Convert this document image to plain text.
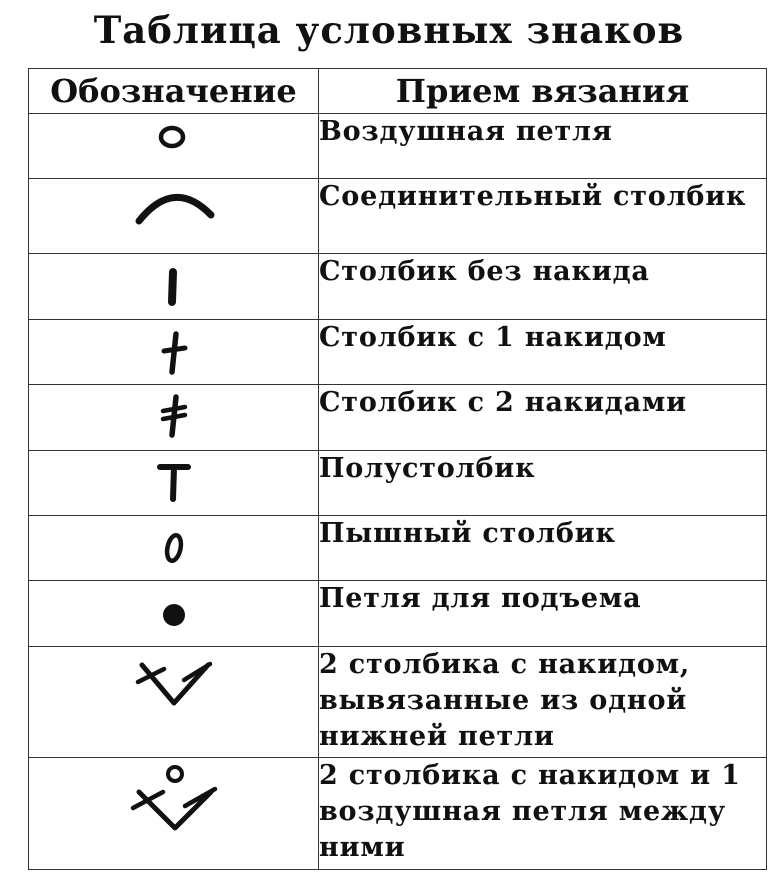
Таблица условных знаков
Обозначение	Прием вязания

	Воздушная петля

	Соединительный столбик

	Столбик без накида

	Столбик с 1 накидом

	Столбик с 2 накидами

	Полустолбик

	Пышный столбик

	Петля для подъема

	2 столбика с накидом, вывязанные из одной нижней петли

	2 столбика с накидом и 1 воздушная петля между ними
